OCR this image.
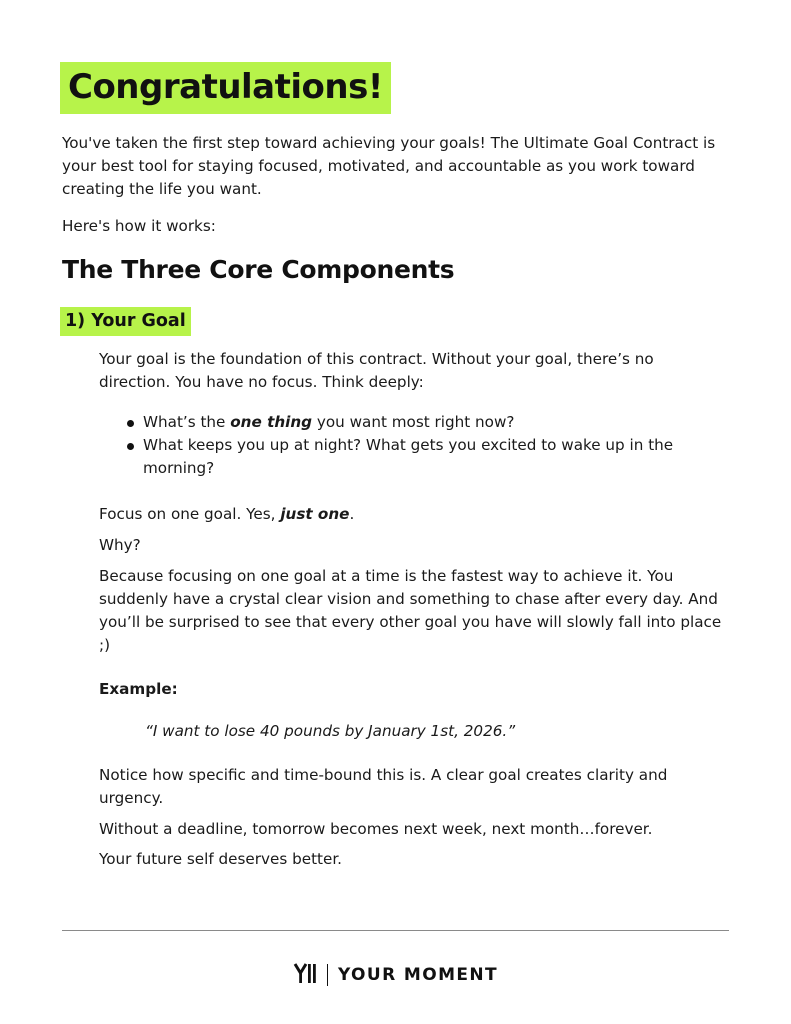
Congratulations!

You've taken the first step toward achieving your goals! The Ultimate Goal Contract is your best tool for staying focused, motivated, and accountable as you work toward creating the life you want.

Here's how it works:

The Three Core Components
1) Your Goal

Your goal is the foundation of this contract. Without your goal, there’s no direction. You have no focus. Think deeply:

What’s the one thing you want most right now?
What keeps you up at night? What gets you excited to wake up in the morning?

Focus on one goal. Yes, just one.

Why?

Because focusing on one goal at a time is the fastest way to achieve it. You suddenly have a crystal clear vision and something to chase after every day. And you’ll be surprised to see that every other goal you have will slowly fall into place ;)

Example:

“I want to lose 40 pounds by January 1st, 2026.”

Notice how specific and time-bound this is. A clear goal creates clarity and urgency.

Without a deadline, tomorrow becomes next week, next month…forever.

Your future self deserves better.

YOUR MOMENT
